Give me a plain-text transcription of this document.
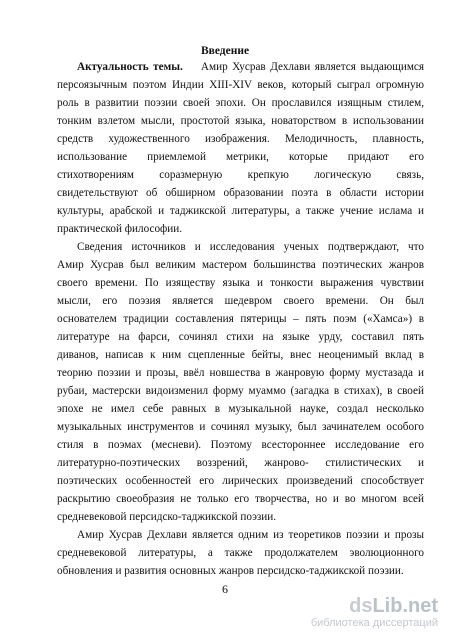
Введение
Актуальность темы. Амир Хусрав Дехлави является выдающимся
персоязычным поэтом Индии XIII-XIV веков, который сыграл огромную
роль в развитии поэзии своей эпохи. Он прославился изящным стилем,
тонким взлетом мысли, простотой языка, новаторством в использовании
средств художественного изображения. Мелодичность, плавность,
использование приемлемой метрики, которые придают его
стихотворениям соразмерную крепкую логическую связь,
свидетельствуют об обширном образовании поэта в области истории
культуры, арабской и таджикской литературы, а также учение ислама и
практической философии.
Сведения источников и исследования ученых подтверждают, что
Амир Хусрав был великим мастером большинства поэтических жанров
своего времени. По изяществу языка и тонкости выражения чувствии
мысли, его поэзия является шедевром своего времени. Он был
основателем традиции составления пятерицы – пять поэм («Хамса») в
литературе на фарси, сочинял стихи на языке урду, составил пять
диванов, написав к ним сцепленные бейты, внес неоценимый вклад в
теорию поэзии и прозы, ввёл новшества в жанровую форму мустазада и
рубаи, мастерски видоизменил форму муаммо (загадка в стихах), в своей
эпохе не имел себе равных в музыкальной науке, создал несколько
музыкальных инструментов и сочинял музыку, был зачинателем особого
стиля в поэмах (месневи). Поэтому всестороннее исследование его
литературно-поэтических воззрений, жанрово- стилистических и
поэтических особенностей его лирических произведений способствует
раскрытию своеобразия не только его творчества, но и во многом всей
средневековой персидско-таджикской поэзии.
Амир Хусрав Дехлави является одним из теоретиков поэзии и прозы
средневековой литературы, а также продолжателем эволюционного
обновления и развития основных жанров персидско-таджикской поэзии.
6
dsLib.net
библиотека диссертаций
